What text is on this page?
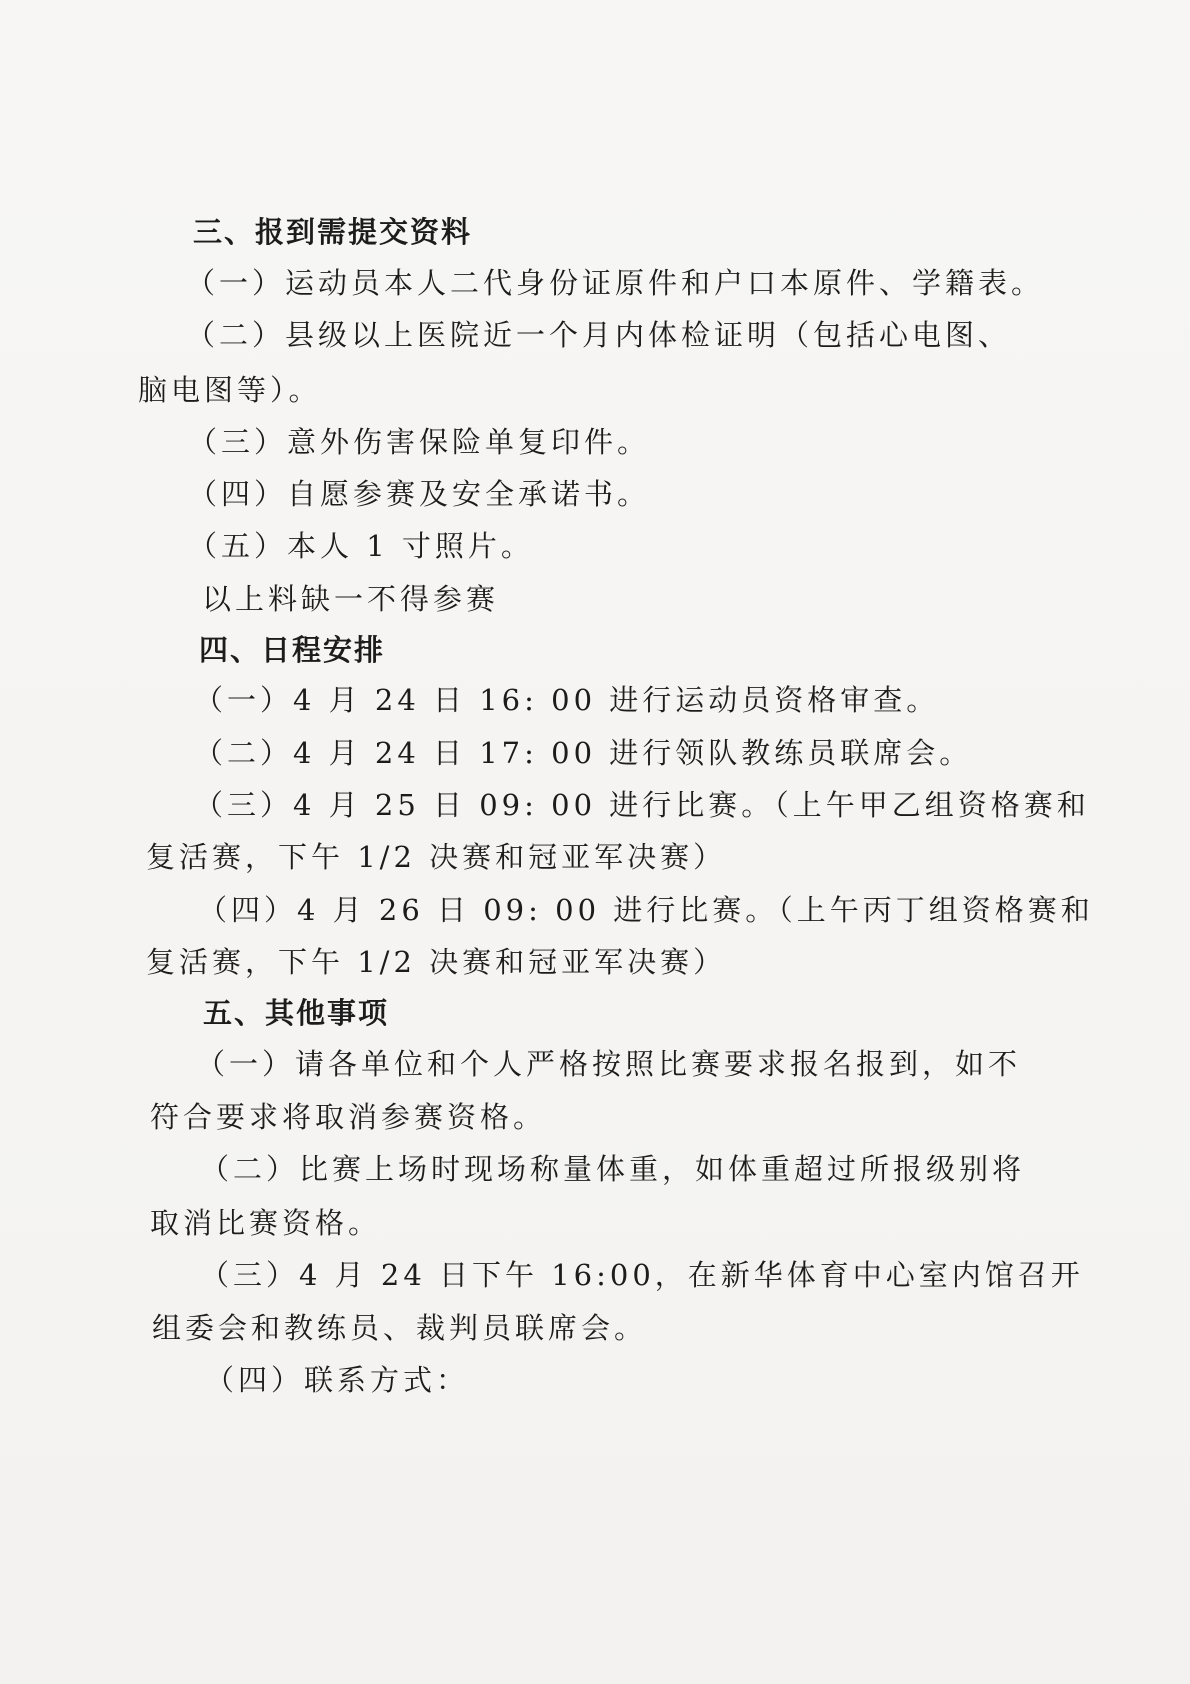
三、报到需提交资料
（一）运动员本人二代身份证原件和户口本原件、学籍表。
（二）县级以上医院近一个月内体检证明（包括心电图、
脑电图等）。
（三）意外伤害保险单复印件。
（四）自愿参赛及安全承诺书。
（五）本人 1 寸照片。
以上料缺一不得参赛
四、日程安排
（一）4 月 24 日 16: 00 进行运动员资格审查。
（二）4 月 24 日 17: 00 进行领队教练员联席会。
（三）4 月 25 日 09: 00 进行比赛。（上午甲乙组资格赛和
复活赛，下午 1/2 决赛和冠亚军决赛）
（四）4 月 26 日 09: 00 进行比赛。（上午丙丁组资格赛和
复活赛，下午 1/2 决赛和冠亚军决赛）
五、其他事项
（一）请各单位和个人严格按照比赛要求报名报到，如不
符合要求将取消参赛资格。
（二）比赛上场时现场称量体重，如体重超过所报级别将
取消比赛资格。
（三）4 月 24 日下午 16:00，在新华体育中心室内馆召开
组委会和教练员、裁判员联席会。
（四）联系方式：
